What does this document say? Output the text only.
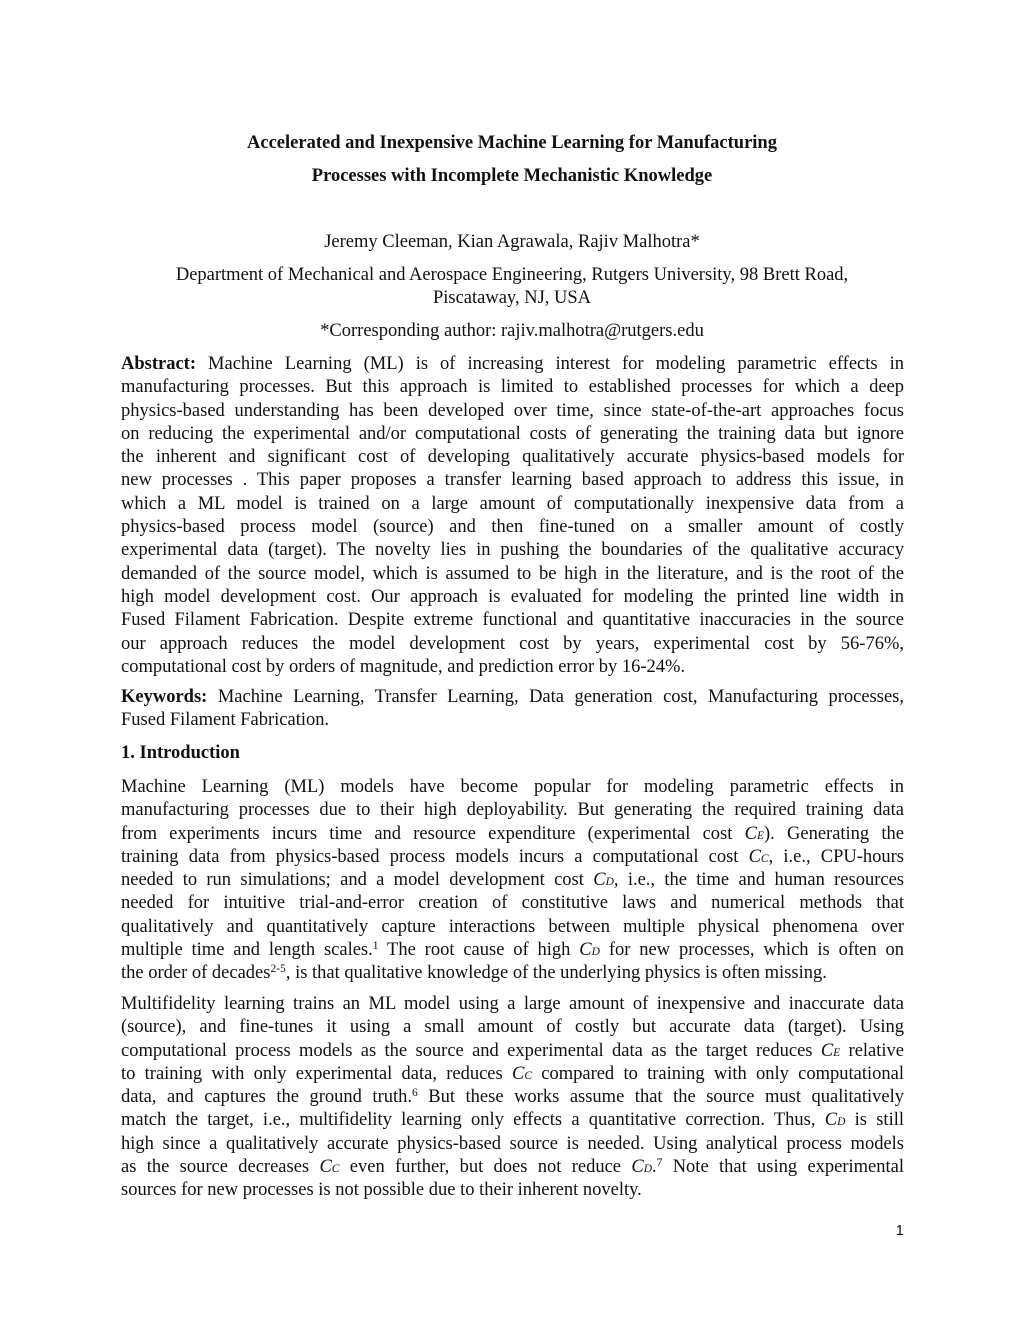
Accelerated and Inexpensive Machine Learning for Manufacturing
Processes with Incomplete Mechanistic Knowledge
Jeremy Cleeman, Kian Agrawala, Rajiv Malhotra*
Department of Mechanical and Aerospace Engineering, Rutgers University, 98 Brett Road,
Piscataway, NJ, USA
*Corresponding author: rajiv.malhotra@rutgers.edu
Abstract: Machine Learning (ML) is of increasing interest for modeling parametric effects in
manufacturing processes. But this approach is limited to established processes for which a deep
physics-based understanding has been developed over time, since state-of-the-art approaches focus
on reducing the experimental and/or computational costs of generating the training data but ignore
the inherent and significant cost of developing qualitatively accurate physics-based models for
new processes . This paper proposes a transfer learning based approach to address this issue, in
which a ML model is trained on a large amount of computationally inexpensive data from a
physics-based process model (source) and then fine-tuned on a smaller amount of costly
experimental data (target). The novelty lies in pushing the boundaries of the qualitative accuracy
demanded of the source model, which is assumed to be high in the literature, and is the root of the
high model development cost. Our approach is evaluated for modeling the printed line width in
Fused Filament Fabrication. Despite extreme functional and quantitative inaccuracies in the source
our approach reduces the model development cost by years, experimental cost by 56-76%,
computational cost by orders of magnitude, and prediction error by 16-24%.
Keywords: Machine Learning, Transfer Learning, Data generation cost, Manufacturing processes,
Fused Filament Fabrication.
1. Introduction
Machine Learning (ML) models have become popular for modeling parametric effects in
manufacturing processes due to their high deployability. But generating the required training data
from experiments incurs time and resource expenditure (experimental cost CE). Generating the
training data from physics-based process models incurs a computational cost CC, i.e., CPU-hours
needed to run simulations; and a model development cost CD, i.e., the time and human resources
needed for intuitive trial-and-error creation of constitutive laws and numerical methods that
qualitatively and quantitatively capture interactions between multiple physical phenomena over
multiple time and length scales.$^1$ The root cause of high CD for new processes, which is often on
the order of decades$^{2-5}$, is that qualitative knowledge of the underlying physics is often missing.
Multifidelity learning trains an ML model using a large amount of inexpensive and inaccurate data
(source), and fine-tunes it using a small amount of costly but accurate data (target). Using
computational process models as the source and experimental data as the target reduces CE relative
to training with only experimental data, reduces CC compared to training with only computational
data, and captures the ground truth.$^6$ But these works assume that the source must qualitatively
match the target, i.e., multifidelity learning only effects a quantitative correction. Thus, CD is still
high since a qualitatively accurate physics-based source is needed. Using analytical process models
as the source decreases CC even further, but does not reduce CD.$^7$ Note that using experimental
sources for new processes is not possible due to their inherent novelty.
1
